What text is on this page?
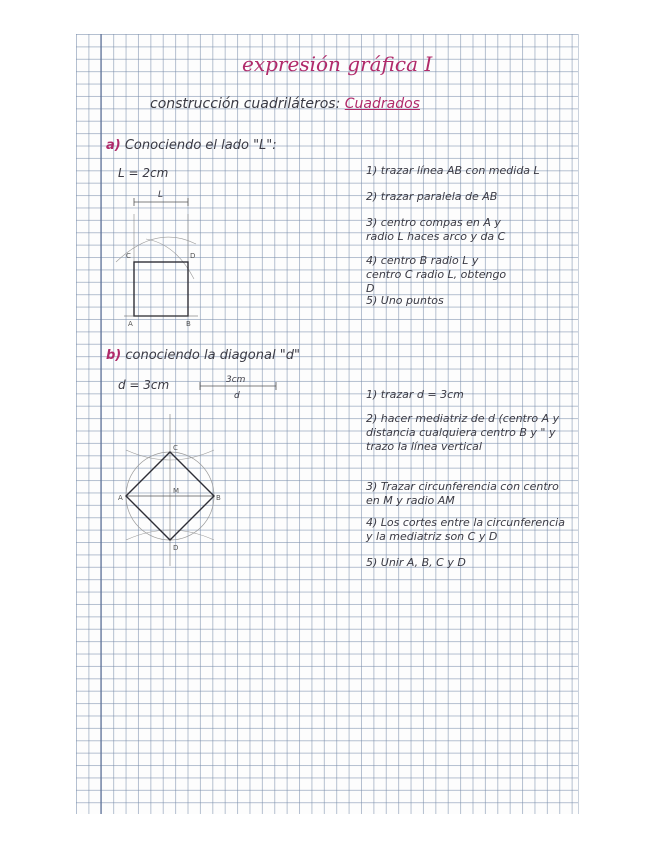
expresión gráfica I
construcción cuadriláteros: Cuadrados
a) Conociendo el lado "L":
L = 2cm
L
C	D
A	B
1) trazar línea AB con medida L
2) trazar paralela de AB
3) centro compas en A y radio L haces arco y da C
4) centro B radio L y centro C radio L, obtengo D
5) Uno puntos
b) conociendo la diagonal "d"
d = 3cm	3cm
d
A	B
C
D
M
1) trazar d = 3cm
2) hacer mediatriz de d (centro A y distancia cualquiera centro B y " y trazo la línea vertical
3) Trazar circunferencia con centro en M y radio AM
4) Los cortes entre la circunferencia y la mediatriz son C y D
5) Unir A, B, C y D
